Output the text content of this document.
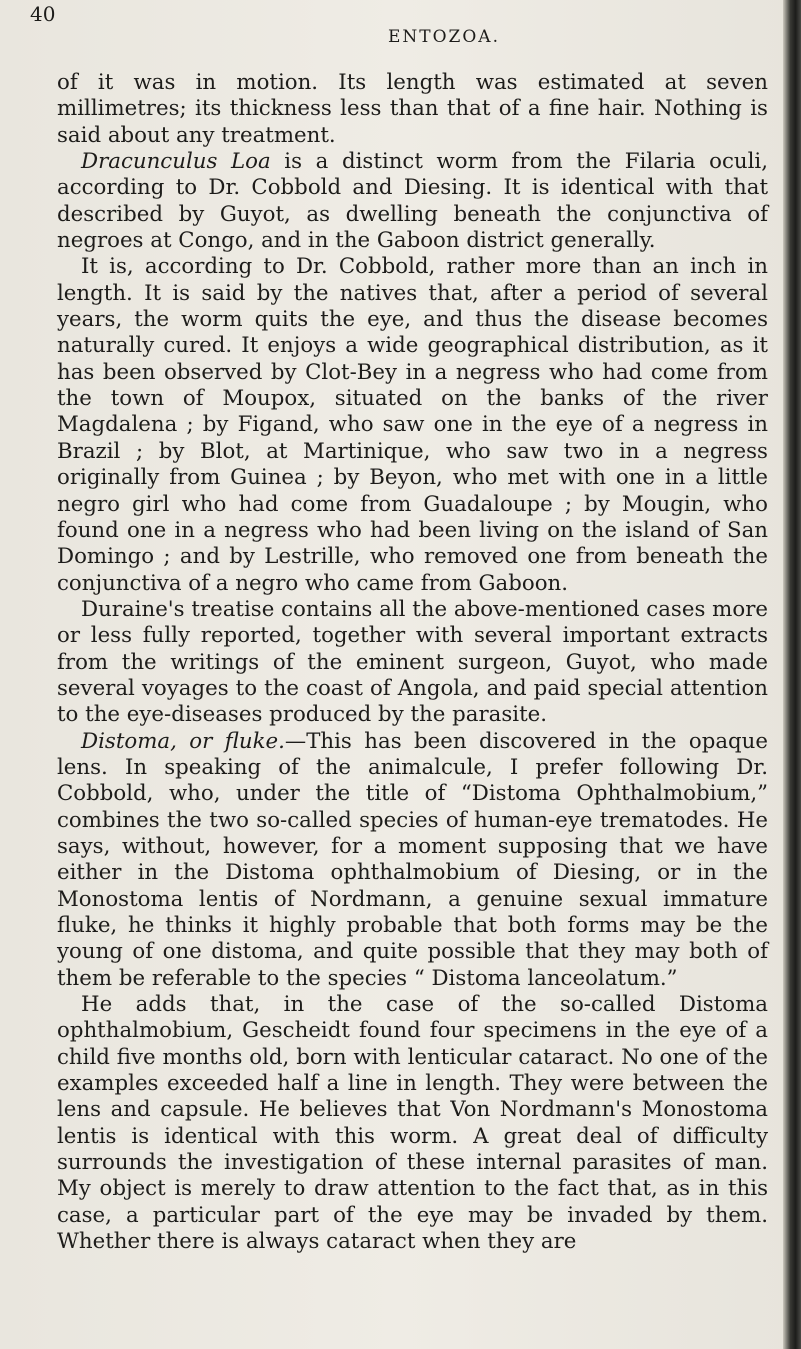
40
ENTOZOA.

of it was in motion. Its length was estimated at seven millimetres; its thickness less than that of a fine hair. Nothing is said about any treatment.

Dracunculus Loa is a distinct worm from the Filaria oculi, according to Dr. Cobbold and Diesing. It is identical with that described by Guyot, as dwelling beneath the conjunctiva of negroes at Congo, and in the Gaboon district generally.

It is, according to Dr. Cobbold, rather more than an inch in length. It is said by the natives that, after a period of several years, the worm quits the eye, and thus the disease becomes naturally cured. It enjoys a wide geographical distribution, as it has been observed by Clot-Bey in a negress who had come from the town of Moupox, situated on the banks of the river Magdalena ; by Figand, who saw one in the eye of a negress in Brazil ; by Blot, at Martinique, who saw two in a negress originally from Guinea ; by Beyon, who met with one in a little negro girl who had come from Guadaloupe ; by Mougin, who found one in a negress who had been living on the island of San Domingo ; and by Lestrille, who removed one from beneath the conjunctiva of a negro who came from Gaboon.

Duraine's treatise contains all the above-mentioned cases more or less fully reported, together with several important extracts from the writings of the eminent surgeon, Guyot, who made several voyages to the coast of Angola, and paid special attention to the eye-diseases produced by the parasite.

Distoma, or fluke.—This has been discovered in the opaque lens. In speaking of the animalcule, I prefer following Dr. Cobbold, who, under the title of “Distoma Ophthalmobium,” combines the two so-called species of human-eye trematodes. He says, without, however, for a moment supposing that we have either in the Distoma ophthalmobium of Diesing, or in the Monostoma lentis of Nordmann, a genuine sexual immature fluke, he thinks it highly probable that both forms may be the young of one distoma, and quite possible that they may both of them be referable to the species “ Distoma lanceolatum.”

He adds that, in the case of the so-called Distoma ophthalmobium, Gescheidt found four specimens in the eye of a child five months old, born with lenticular cataract. No one of the examples exceeded half a line in length. They were between the lens and capsule. He believes that Von Nordmann's Monostoma lentis is identical with this worm. A great deal of difficulty surrounds the investigation of these internal parasites of man. My object is merely to draw attention to the fact that, as in this case, a particular part of the eye may be invaded by them. Whether there is always cataract when they are
